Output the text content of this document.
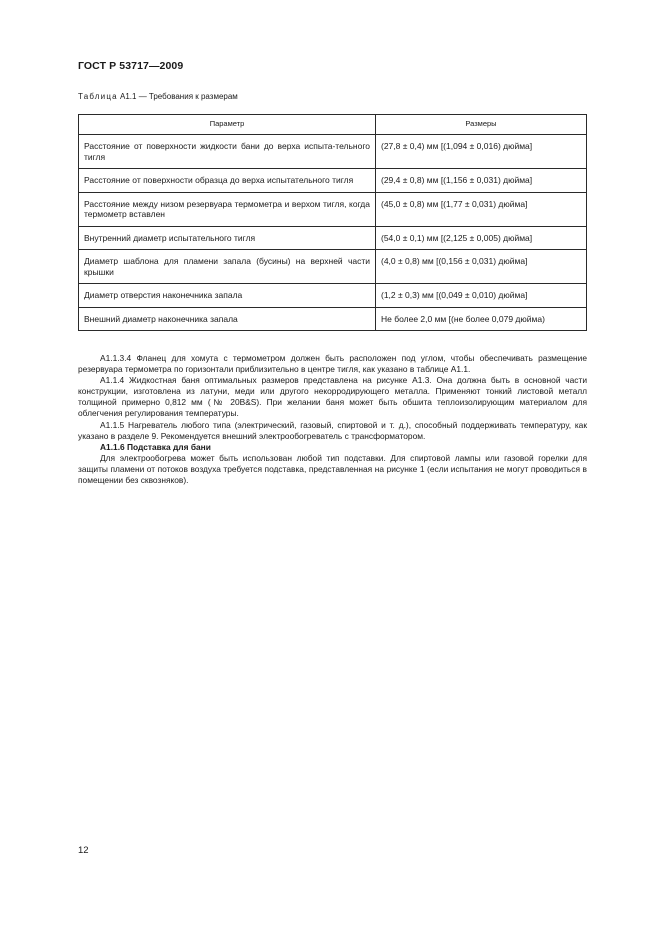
ГОСТ Р 53717—2009
Таблица А1.1 — Требования к размерам
Параметр	Размеры
Расстояние от поверхности жидкости бани до верха испыта-тельного тигля	(27,8 ± 0,4) мм [(1,094 ± 0,016) дюйма]
Расстояние от поверхности образца до верха испытательного тигля	(29,4 ± 0,8) мм [(1,156 ± 0,031) дюйма]
Расстояние между низом резервуара термометра и верхом тигля, когда термометр вставлен	(45,0 ± 0,8) мм [(1,77 ± 0,031) дюйма]
Внутренний диаметр испытательного тигля	(54,0 ± 0,1) мм [(2,125 ± 0,005) дюйма]
Диаметр шаблона для пламени запала (бусины) на верхней части крышки	(4,0 ± 0,8) мм [(0,156 ± 0,031) дюйма]
Диаметр отверстия наконечника запала	(1,2 ± 0,3) мм [(0,049 ± 0,010) дюйма]
Внешний диаметр наконечника запала	Не более 2,0 мм [(не более 0,079 дюйма)

А1.1.3.4 Фланец для хомута с термометром должен быть расположен под углом, чтобы обеспечивать размещение резервуара термометра по горизонтали приблизительно в центре тигля, как указано в таблице А1.1.

А1.1.4 Жидкостная баня оптимальных размеров представлена на рисунке А1.3. Она должна быть в основной части конструкции, изготовлена из латуни, меди или другого некорродирующего металла. Применяют тонкий листовой металл толщиной примерно 0,812 мм (№ 20В&S). При желании баня может быть обшита теплоизолирующим материалом для облегчения регулирования температуры.

А1.1.5 Нагреватель любого типа (электрический, газовый, спиртовой и т. д.), способный поддерживать температуру, как указано в разделе 9. Рекомендуется внешний электрообогреватель с трансформатором.

А1.1.6 Подставка для бани

Для электрообогрева может быть использован любой тип подставки. Для спиртовой лампы или газовой горелки для защиты пламени от потоков воздуха требуется подставка, представленная на рисунке 1 (если испытания не могут проводиться в помещении без сквозняков).

12
